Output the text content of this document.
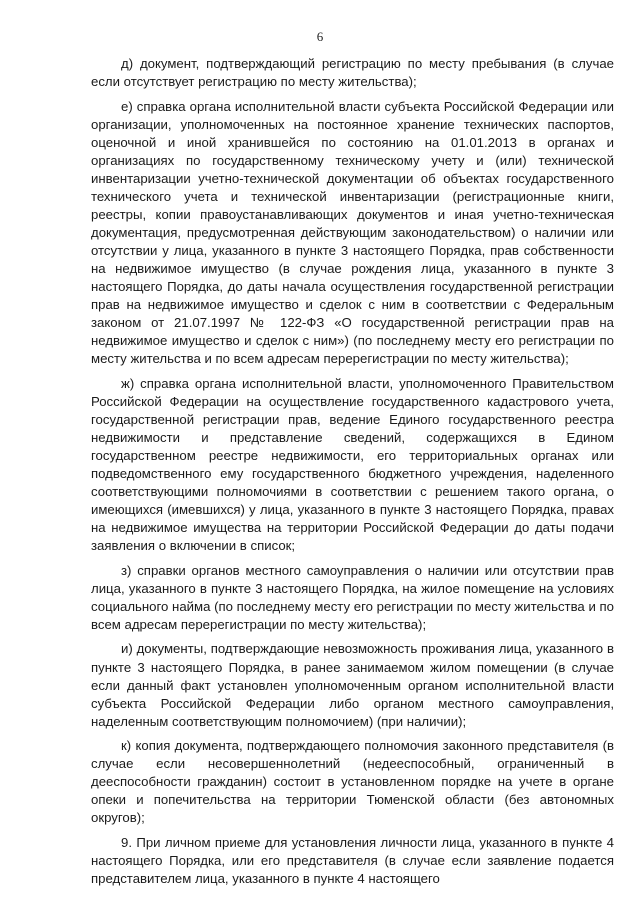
6

д) документ, подтверждающий регистрацию по месту пребывания (в случае если отсутствует регистрацию по месту жительства);

е) справка органа исполнительной власти субъекта Российской Федерации или организации, уполномоченных на постоянное хранение технических паспортов, оценочной и иной хранившейся по состоянию на 01.01.2013 в органах и организациях по государственному техническому учету и (или) технической инвентаризации учетно-технической документации об объектах государственного технического учета и технической инвентаризации (регистрационные книги, реестры, копии правоустанавливающих документов и иная учетно-техническая документация, предусмотренная действующим законодательством) о наличии или отсутствии у лица, указанного в пункте 3 настоящего Порядка, прав собственности на недвижимое имущество (в случае рождения лица, указанного в пункте 3 настоящего Порядка, до даты начала осуществления государственной регистрации прав на недвижимое имущество и сделок с ним в соответствии с Федеральным законом от 21.07.1997 № 122-ФЗ «О государственной регистрации прав на недвижимое имущество и сделок с ним») (по последнему месту его регистрации по месту жительства и по всем адресам перерегистрации по месту жительства);

ж) справка органа исполнительной власти, уполномоченного Правительством Российской Федерации на осуществление государственного кадастрового учета, государственной регистрации прав, ведение Единого государственного реестра недвижимости и представление сведений, содержащихся в Едином государственном реестре недвижимости, его территориальных органах или подведомственного ему государственного бюджетного учреждения, наделенного соответствующими полномочиями в соответствии с решением такого органа, о имеющихся (имевшихся) у лица, указанного в пункте 3 настоящего Порядка, правах на недвижимое имущества на территории Российской Федерации до даты подачи заявления о включении в список;

з) справки органов местного самоуправления о наличии или отсутствии прав лица, указанного в пункте 3 настоящего Порядка, на жилое помещение на условиях социального найма (по последнему месту его регистрации по месту жительства и по всем адресам перерегистрации по месту жительства);

и) документы, подтверждающие невозможность проживания лица, указанного в пункте 3 настоящего Порядка, в ранее занимаемом жилом помещении (в случае если данный факт установлен уполномоченным органом исполнительной власти субъекта Российской Федерации либо органом местного самоуправления, наделенным соответствующим полномочием) (при наличии);

к) копия документа, подтверждающего полномочия законного представителя (в случае если несовершеннолетний (недееспособный, ограниченный в дееспособности гражданин) состоит в установленном порядке на учете в органе опеки и попечительства на территории Тюменской области (без автономных округов);

9. При личном приеме для установления личности лица, указанного в пункте 4 настоящего Порядка, или его представителя (в случае если заявление подается представителем лица, указанного в пункте 4 настоящего
